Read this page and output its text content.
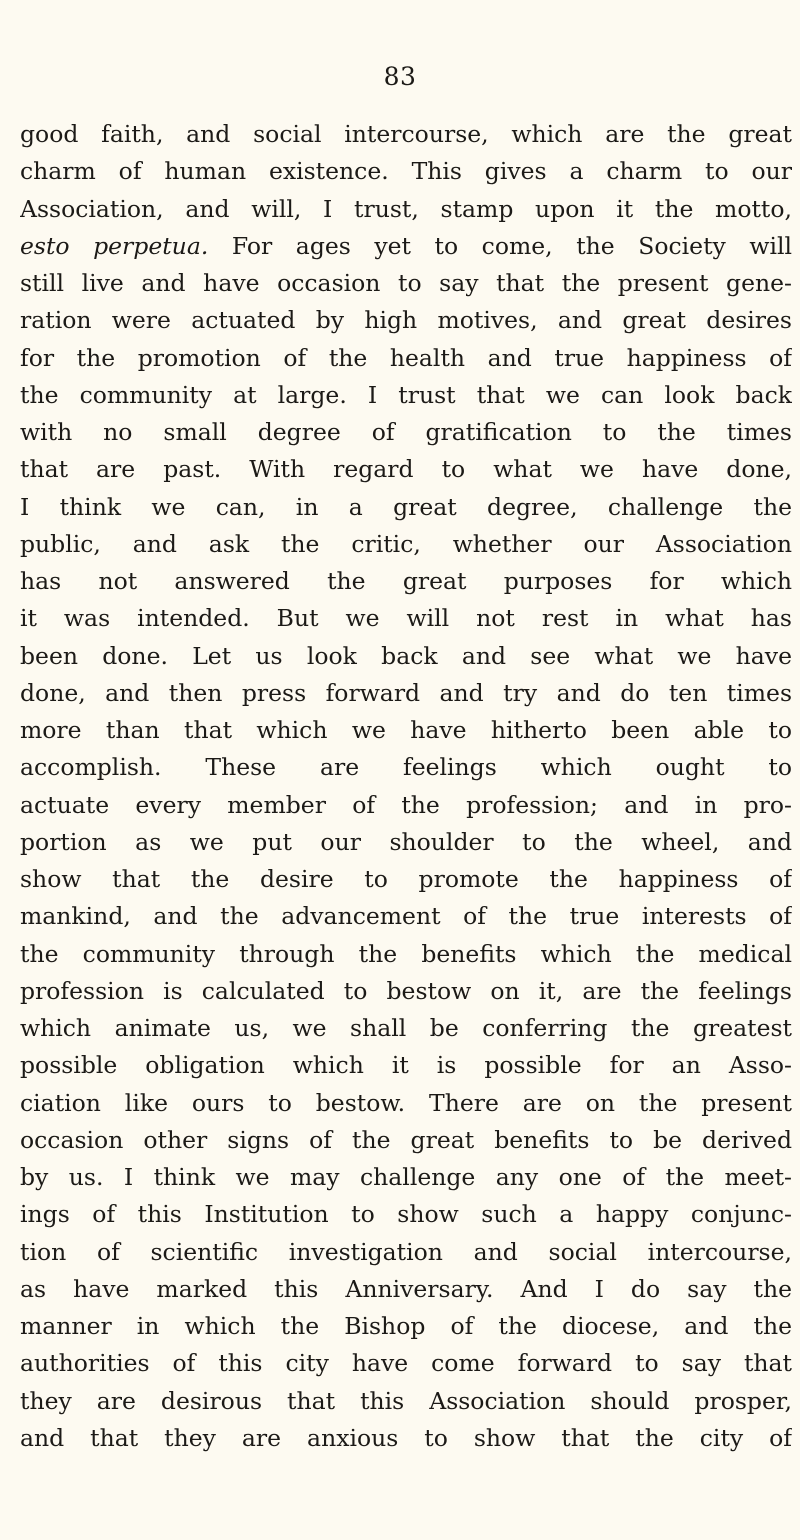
83
good faith, and social intercourse, which are the great
charm of human existence. This gives a charm to our
Association, and will, I trust, stamp upon it the motto,
esto perpetua. For ages yet to come, the Society will
still live and have occasion to say that the present gene-
ration were actuated by high motives, and great desires
for the promotion of the health and true happiness of
the community at large. I trust that we can look back
with no small degree of gratification to the times
that are past. With regard to what we have done,
I think we can, in a great degree, challenge the
public, and ask the critic, whether our Association
has not answered the great purposes for which
it was intended. But we will not rest in what has
been done. Let us look back and see what we have
done, and then press forward and try and do ten times
more than that which we have hitherto been able to
accomplish. These are feelings which ought to
actuate every member of the profession; and in pro-
portion as we put our shoulder to the wheel, and
show that the desire to promote the happiness of
mankind, and the advancement of the true interests of
the community through the benefits which the medical
profession is calculated to bestow on it, are the feelings
which animate us, we shall be conferring the greatest
possible obligation which it is possible for an Asso-
ciation like ours to bestow. There are on the present
occasion other signs of the great benefits to be derived
by us. I think we may challenge any one of the meet-
ings of this Institution to show such a happy conjunc-
tion of scientific investigation and social intercourse,
as have marked this Anniversary. And I do say the
manner in which the Bishop of the diocese, and the
authorities of this city have come forward to say that
they are desirous that this Association should prosper,
and that they are anxious to show that the city of
